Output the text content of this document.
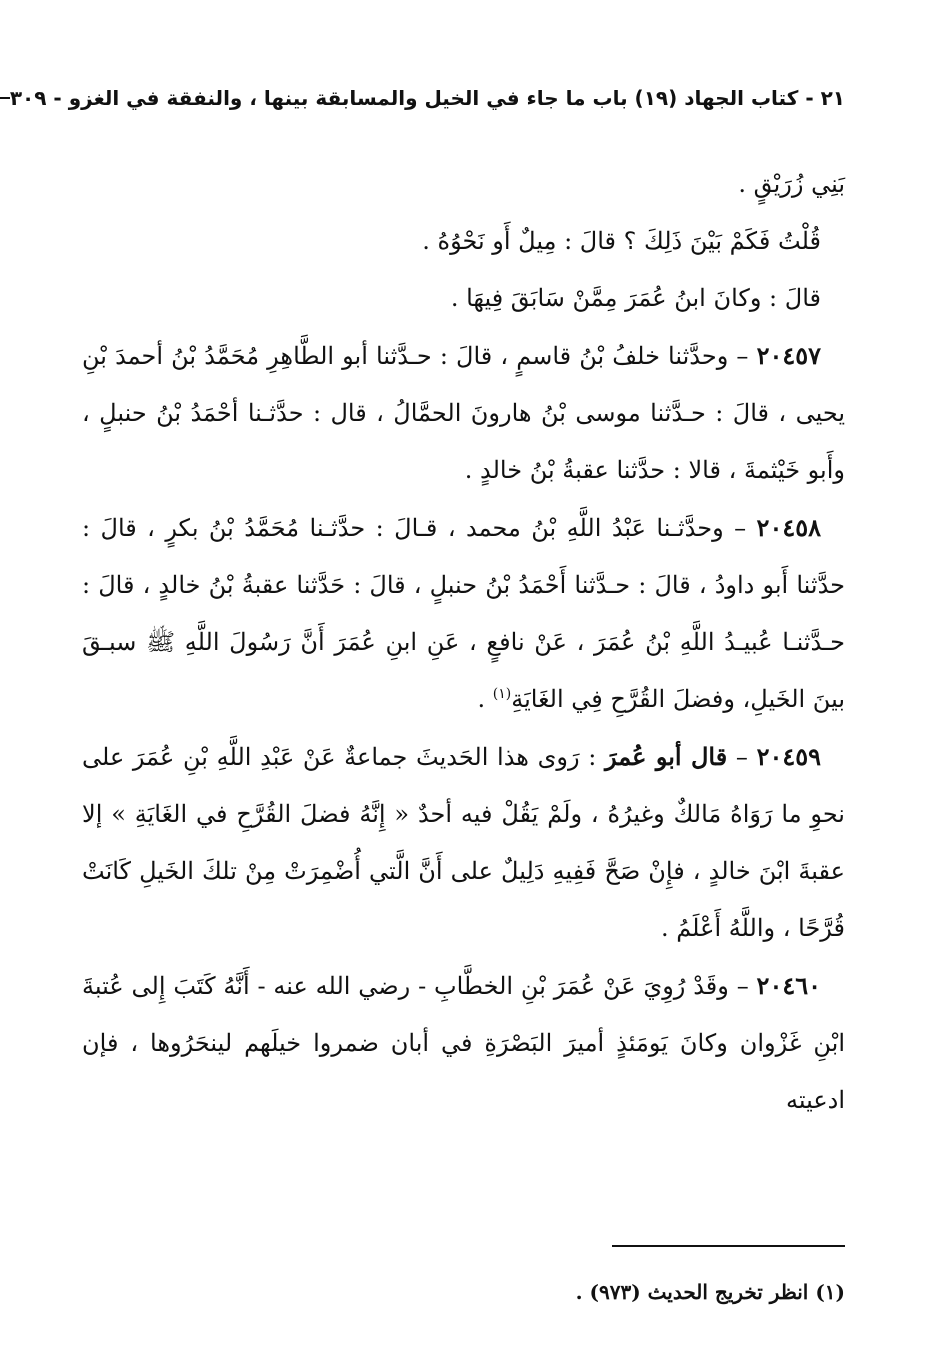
٢١ - كتاب الجهاد (١٩) باب ما جاء في الخيل والمسابقة بينها ، والنفقة في الغزو - ٣٠٩

بَنِي زُرَيْقٍ .

 قُلْتُ فَكَمْ بَيْنَ ذَلِكَ ؟ قالَ : مِيلٌ أَو نَحْوُهُ .

 قالَ : وكانَ ابنُ عُمَرَ مِمَّنْ سَابَقَ فِيهَا .

 ٢٠٤٥٧ – وحدَّثنا خلفُ بْنُ قاسمٍ ، قالَ : حـدَّثنا أبو الطَّاهِرِ مُحَمَّدُ بْنُ أحمدَ بْنِ يحيى ، قالَ : حـدَّثنا موسى بْنُ هارونَ الحمَّالُ ، قال : حدَّثـنا أحْمَدُ بْنُ حنبلٍ ، وأَبو خَيْثمةَ ، قالا : حدَّثنا عقبةُ بْنُ خالدٍ .

 ٢٠٤٥٨ – وحدَّثـنا عَبْدُ اللَّهِ بْنُ محمد ، قـالَ : حدَّثـنا مُحَمَّدُ بْنُ بكرٍ ، قالَ : حدَّثنا أَبو داودُ ، قالَ : حـدَّثنا أَحْمَدُ بْنُ حنبلٍ ، قالَ : حَدَّثنا عقبةُ بْنُ خالدٍ ، قالَ : حـدَّثنـا عُبيـدُ اللَّهِ بْنُ عُمَرَ ، عَنْ نافعٍ ، عَنِ ابنِ عُمَرَ أَنَّ رَسُولَ اللَّهِ ﷺ سبـقَ بينَ الخَيلِ، وفضلَ القُرَّحِ فِي الغَايَةِ$^{(١)}$ .

 ٢٠٤٥٩ – قال أبو عُمرَ : رَوى هذا الحَديثَ جماعةٌ عَنْ عَبْدِ اللَّهِ بْنِ عُمَرَ على نحوِ ما رَوَاهُ مَالكٌ وغيرُهُ ، ولَمْ يَقُلْ فيه أحدٌ « إِنَّهُ فضلَ القُرَّحِ في الغَايَةِ » إلا عقبةَ ابْنَ خالدٍ ، فإِنْ صَحَّ فَفِيهِ دَلِيلٌ على أَنَّ الَّتي أُضْمِرَتْ مِنْ تلكَ الخَيلِ كَانَتْ قُرَّحًا ، واللَّهُ أَعْلَمُ .

 ٢٠٤٦٠ – وقَدْ رُوِيَ عَنْ عُمَرَ بْنِ الخطَّابِ - رضي الله عنه - أَنَّهُ كَتَبَ إِلى عُتبةَ ابْنِ غَزْوان وكانَ يَومَئذٍ أميرَ البَصْرَةِ في أبان ضمروا خيلَهم لينحَرُوها ، فإن ادعيته

(١) انظر تخريج الحديث (٩٧٣) .
